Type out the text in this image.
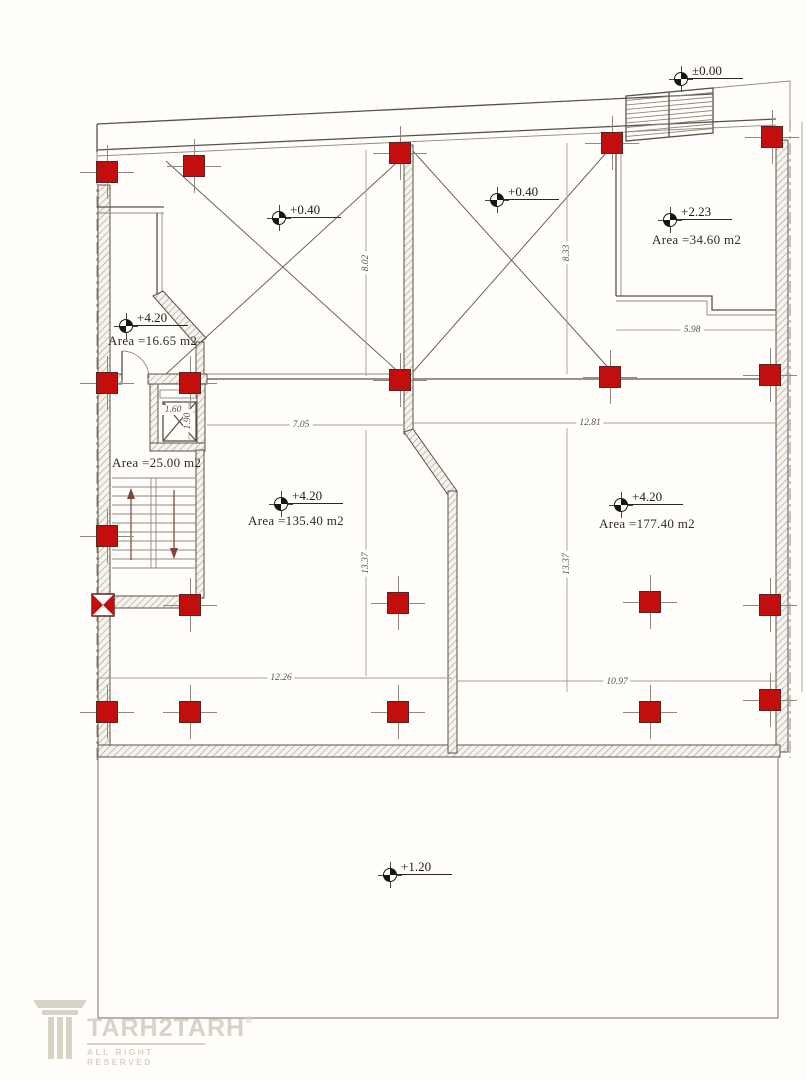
±0.00
+0.40
+0.40
+2.23
+4.20
+4.20	+4.20
+1.20
Area =34.60 m2
Area =16.65 m2
Area =25.00 m2
Area =135.40 m2	Area =177.40 m2
8.02
8.33
5.98
7.05	12.81
13.37	13.37
12.26	10.97
1.60
1.90
TARH2TARH®
ALL RIGHT RESERVED
